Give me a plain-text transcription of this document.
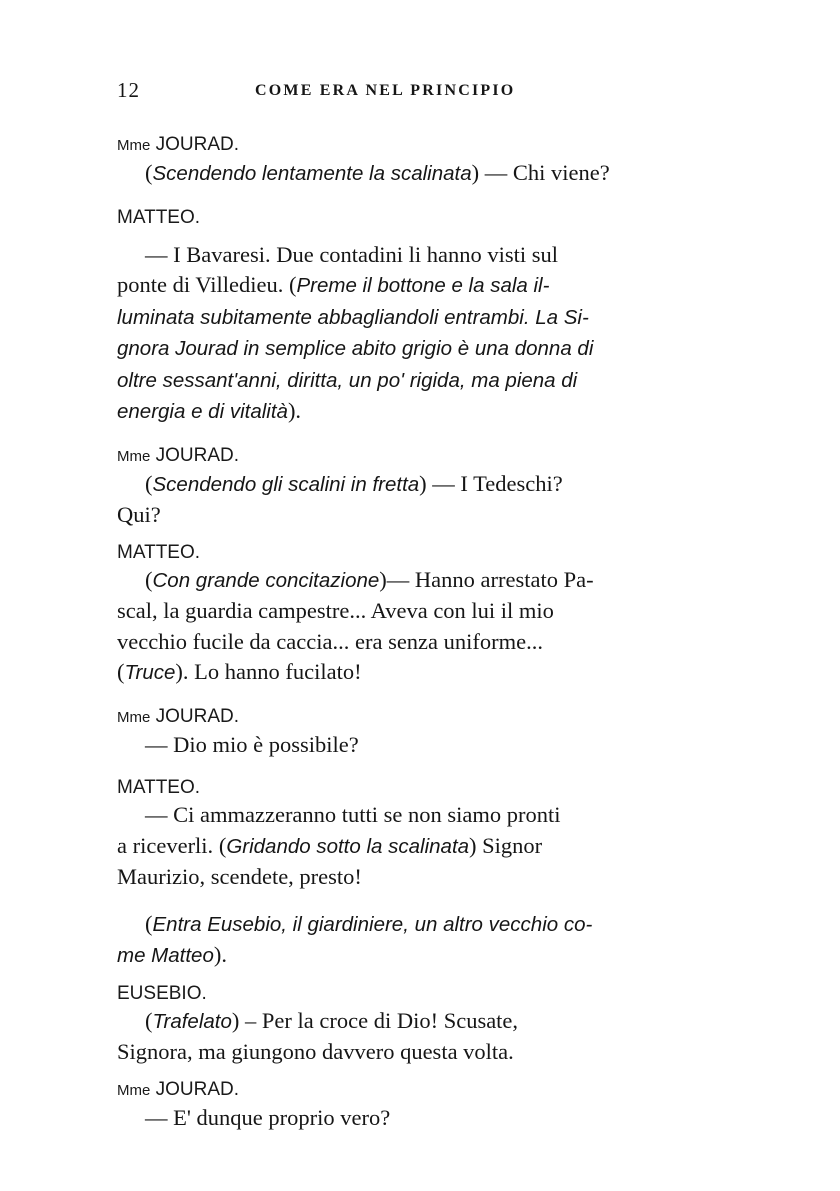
12	COME ERA NEL PRINCIPIO

Mme JOURAD.

(Scendendo lentamente la scalinata) — Chi viene?

MATTEO.

— I Bavaresi. Due contadini li hanno visti sul

ponte di Villedieu. (Preme il bottone e la sala il-

luminata subitamente abbagliandoli entrambi. La Si-

gnora Jourad in semplice abito grigio è una donna di

oltre sessant'anni, diritta, un po' rigida, ma piena di

energia e di vitalità).

Mme JOURAD.

(Scendendo gli scalini in fretta) — I Tedeschi?

Qui?

MATTEO.

(Con grande concitazione)— Hanno arrestato Pa-

scal, la guardia campestre... Aveva con lui il mio

vecchio fucile da caccia... era senza uniforme...

(Truce). Lo hanno fucilato!

Mme JOURAD.

— Dio mio è possibile?

MATTEO.

— Ci ammazzeranno tutti se non siamo pronti

a riceverli. (Gridando sotto la scalinata) Signor

Maurizio, scendete, presto!

(Entra Eusebio, il giardiniere, un altro vecchio co-

me Matteo).

EUSEBIO.

(Trafelato) – Per la croce di Dio! Scusate,

Signora, ma giungono davvero questa volta.

Mme JOURAD.

— E' dunque proprio vero?
